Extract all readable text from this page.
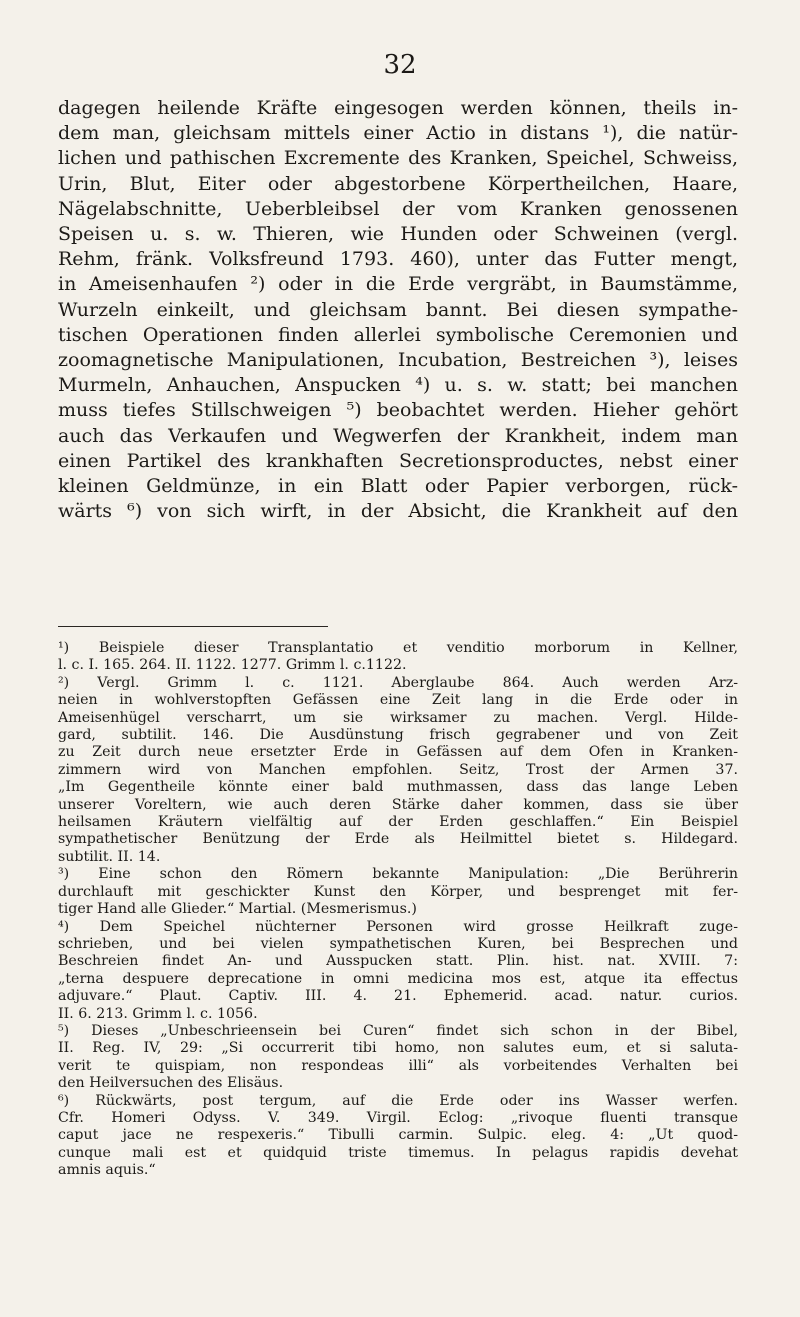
32
dagegen heilende Kräfte eingesogen werden können, theils in-
dem man, gleichsam mittels einer Actio in distans ¹), die natür-
lichen und pathischen Excremente des Kranken, Speichel, Schweiss,
Urin, Blut, Eiter oder abgestorbene Körpertheilchen, Haare,
Nägelabschnitte, Ueberbleibsel der vom Kranken genossenen
Speisen u. s. w. Thieren, wie Hunden oder Schweinen (vergl.
Rehm, fränk. Volksfreund 1793. 460), unter das Futter mengt,
in Ameisenhaufen ²) oder in die Erde vergräbt, in Baumstämme,
Wurzeln einkeilt, und gleichsam bannt. Bei diesen sympathe-
tischen Operationen finden allerlei symbolische Ceremonien und
zoomagnetische Manipulationen, Incubation, Bestreichen ³), leises
Murmeln, Anhauchen, Anspucken ⁴) u. s. w. statt; bei manchen
muss tiefes Stillschweigen ⁵) beobachtet werden. Hieher gehört
auch das Verkaufen und Wegwerfen der Krankheit, indem man
einen Partikel des krankhaften Secretionsproductes, nebst einer
kleinen Geldmünze, in ein Blatt oder Papier verborgen, rück-
wärts ⁶) von sich wirft, in der Absicht, die Krankheit auf den
¹) Beispiele dieser Transplantatio et venditio morborum in Kellner,
l. c. I. 165. 264. II. 1122. 1277. Grimm l. c.1122.
²) Vergl. Grimm l. c. 1121. Aberglaube 864. Auch werden Arz-
neien in wohlverstopften Gefässen eine Zeit lang in die Erde oder in
Ameisenhügel verscharrt, um sie wirksamer zu machen. Vergl. Hilde-
gard, subtilit. 146. Die Ausdünstung frisch gegrabener und von Zeit
zu Zeit durch neue ersetzter Erde in Gefässen auf dem Ofen in Kranken-
zimmern wird von Manchen empfohlen. Seitz, Trost der Armen 37.
„Im Gegentheile könnte einer bald muthmassen, dass das lange Leben
unserer Voreltern, wie auch deren Stärke daher kommen, dass sie über
heilsamen Kräutern vielfältig auf der Erden geschlaffen.“ Ein Beispiel
sympathetischer Benützung der Erde als Heilmittel bietet s. Hildegard.
subtilit. II. 14.
³) Eine schon den Römern bekannte Manipulation: „Die Berührerin
durchlauft mit geschickter Kunst den Körper, und besprenget mit fer-
tiger Hand alle Glieder.“ Martial. (Mesmerismus.)
⁴) Dem Speichel nüchterner Personen wird grosse Heilkraft zuge-
schrieben, und bei vielen sympathetischen Kuren, bei Besprechen und
Beschreien findet An- und Ausspucken statt. Plin. hist. nat. XVIII. 7:
„terna despuere deprecatione in omni medicina mos est, atque ita effectus
adjuvare.“ Plaut. Captiv. III. 4. 21. Ephemerid. acad. natur. curios.
II. 6. 213. Grimm l. c. 1056.
⁵) Dieses „Unbeschrieensein bei Curen“ findet sich schon in der Bibel,
II. Reg. IV, 29: „Si occurrerit tibi homo, non salutes eum, et si saluta-
verit te quispiam, non respondeas illi“ als vorbeitendes Verhalten bei
den Heilversuchen des Elisäus.
⁶) Rückwärts, post tergum, auf die Erde oder ins Wasser werfen.
Cfr. Homeri Odyss. V. 349. Virgil. Eclog: „rivoque fluenti transque
caput jace ne respexeris.“ Tibulli carmin. Sulpic. eleg. 4: „Ut quod-
cunque mali est et quidquid triste timemus. In pelagus rapidis devehat
amnis aquis.“
